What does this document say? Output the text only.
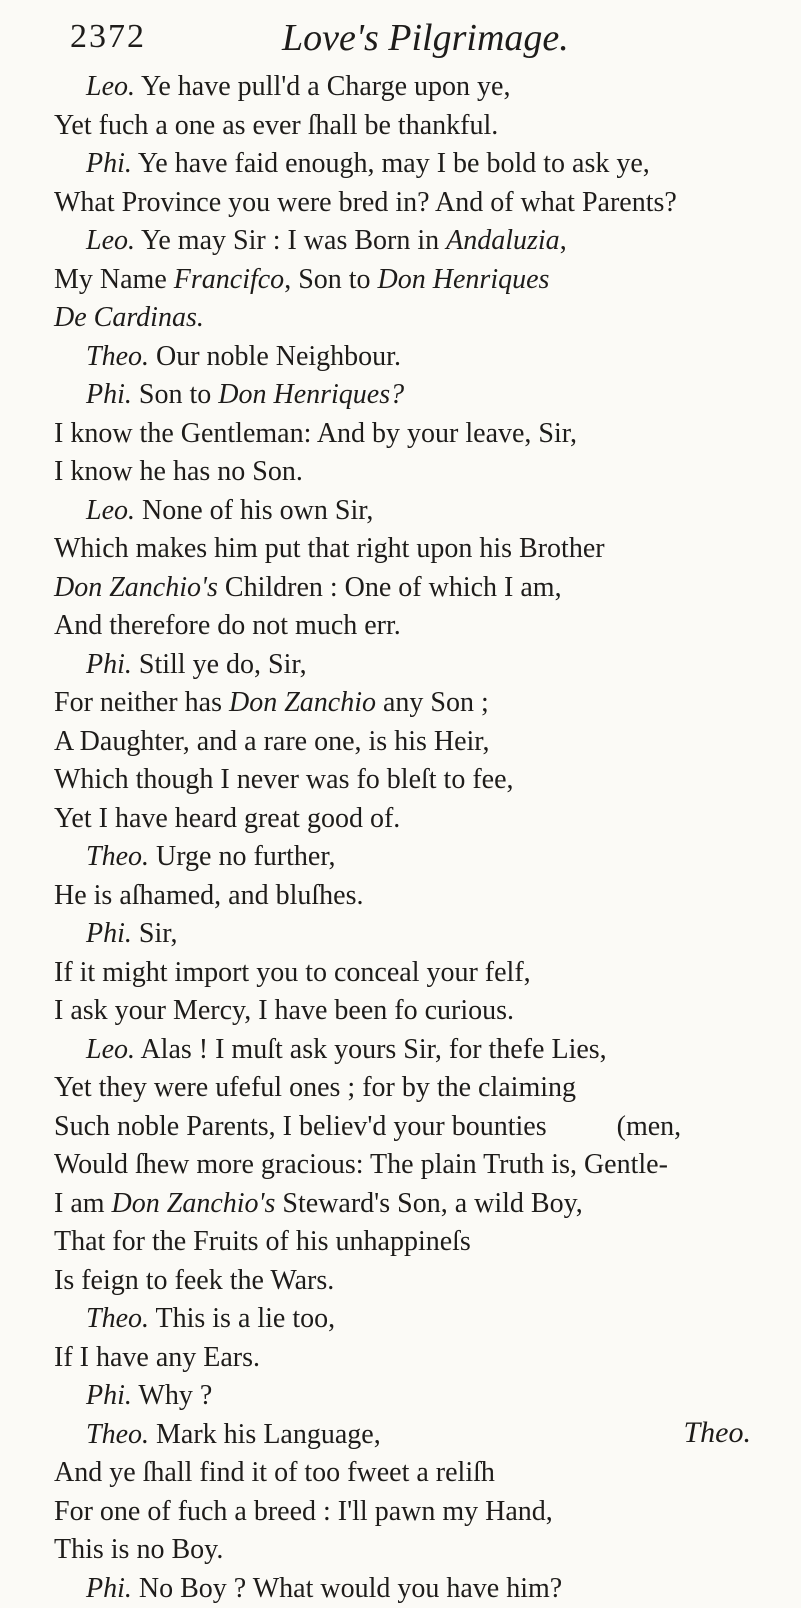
2372	Love's Pilgrimage.
Leo. Ye have pull'd a Charge upon ye,
Yet fuch a one as ever ſhall be thankful.
Phi. Ye have faid enough, may I be bold to ask ye,
What Province you were bred in? And of what Parents?
Leo. Ye may Sir : I was Born in Andaluzia,
My Name Francifco, Son to Don Henriques
De Cardinas.
Theo. Our noble Neighbour.
Phi. Son to Don Henriques?
I know the Gentleman: And by your leave, Sir,
I know he has no Son.
Leo. None of his own Sir,
Which makes him put that right upon his Brother
Don Zanchio's Children : One of which I am,
And therefore do not much err.
Phi. Still ye do, Sir,
For neither has Don Zanchio any Son ;
A Daughter, and a rare one, is his Heir,
Which though I never was fo bleſt to fee,
Yet I have heard great good of.
Theo. Urge no further,
He is aſhamed, and bluſhes.
Phi. Sir,
If it might import you to conceal your felf,
I ask your Mercy, I have been fo curious.
Leo. Alas ! I muſt ask yours Sir, for thefe Lies,
Yet they were ufeful ones ; for by the claiming
Such noble Parents, I believ'd your bounties          (men,
Would ſhew more gracious: The plain Truth is, Gentle-
I am Don Zanchio's Steward's Son, a wild Boy,
That for the Fruits of his unhappineſs
Is feign to feek the Wars.
Theo. This is a lie too,
If I have any Ears.
Phi. Why ?
Theo. Mark his Language,
And ye ſhall find it of too fweet a reliſh
For one of fuch a breed : I'll pawn my Hand,
This is no Boy.
Phi. No Boy ? What would you have him?
Theo.
